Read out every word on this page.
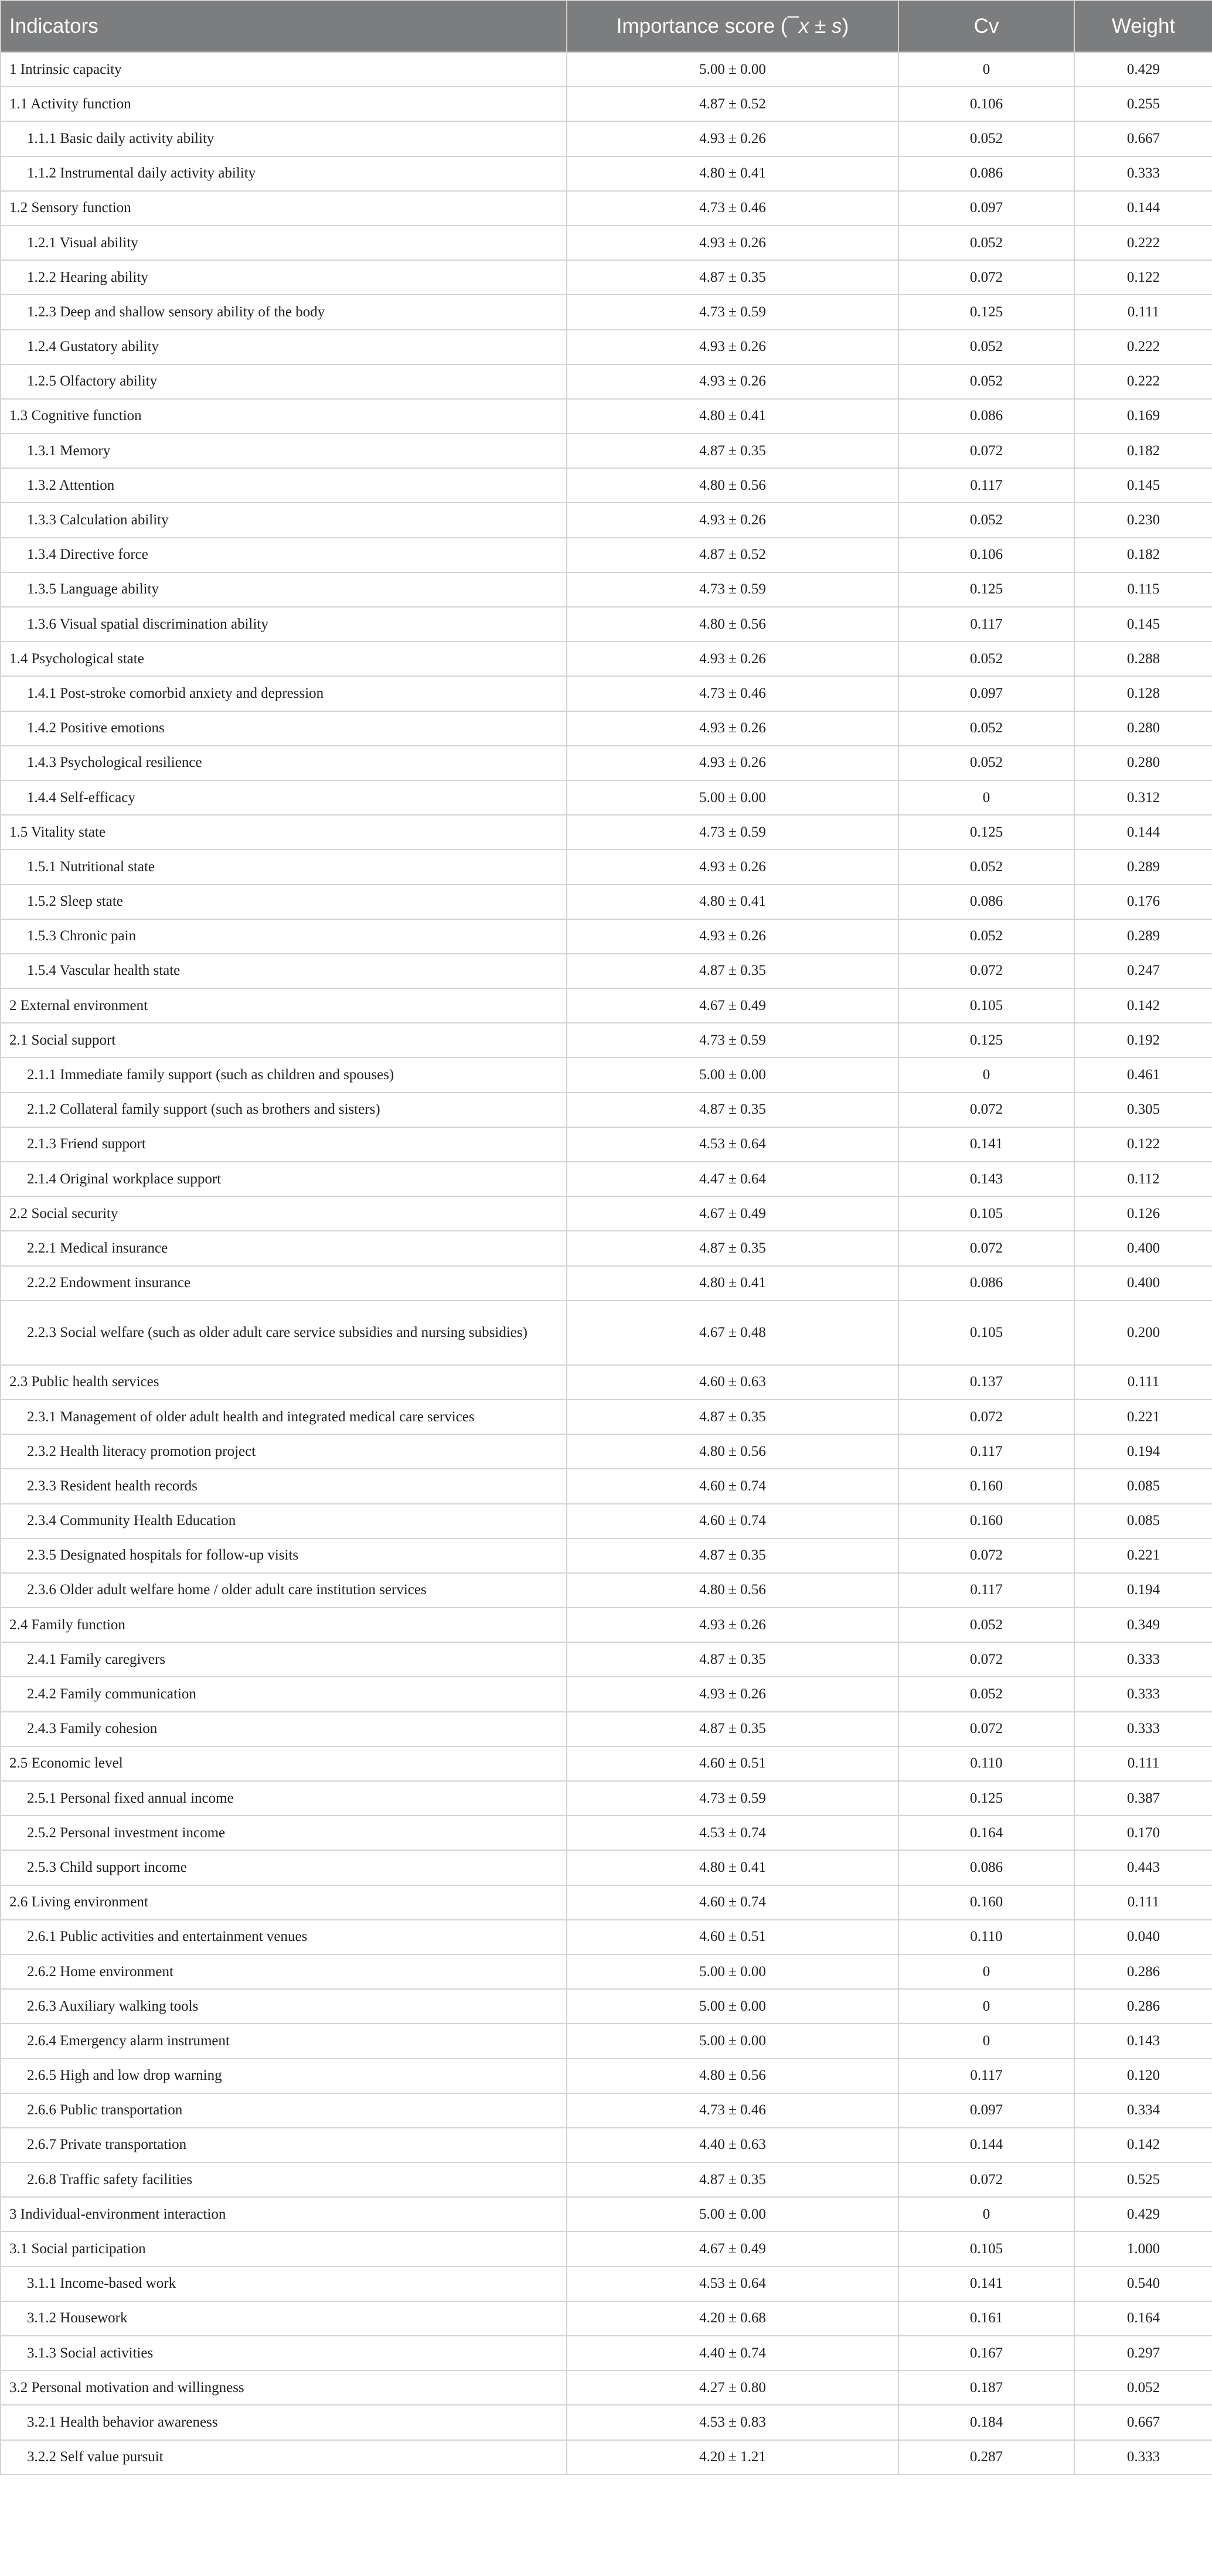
Indicators	Importance score (¯x ± s)	Cv	Weight
1 Intrinsic capacity	5.00 ± 0.00	0	0.429
1.1 Activity function	4.87 ± 0.52	0.106	0.255
1.1.1 Basic daily activity ability	4.93 ± 0.26	0.052	0.667
1.1.2 Instrumental daily activity ability	4.80 ± 0.41	0.086	0.333
1.2 Sensory function	4.73 ± 0.46	0.097	0.144
1.2.1 Visual ability	4.93 ± 0.26	0.052	0.222
1.2.2 Hearing ability	4.87 ± 0.35	0.072	0.122
1.2.3 Deep and shallow sensory ability of the body	4.73 ± 0.59	0.125	0.111
1.2.4 Gustatory ability	4.93 ± 0.26	0.052	0.222
1.2.5 Olfactory ability	4.93 ± 0.26	0.052	0.222
1.3 Cognitive function	4.80 ± 0.41	0.086	0.169
1.3.1 Memory	4.87 ± 0.35	0.072	0.182
1.3.2 Attention	4.80 ± 0.56	0.117	0.145
1.3.3 Calculation ability	4.93 ± 0.26	0.052	0.230
1.3.4 Directive force	4.87 ± 0.52	0.106	0.182
1.3.5 Language ability	4.73 ± 0.59	0.125	0.115
1.3.6 Visual spatial discrimination ability	4.80 ± 0.56	0.117	0.145
1.4 Psychological state	4.93 ± 0.26	0.052	0.288
1.4.1 Post-stroke comorbid anxiety and depression	4.73 ± 0.46	0.097	0.128
1.4.2 Positive emotions	4.93 ± 0.26	0.052	0.280
1.4.3 Psychological resilience	4.93 ± 0.26	0.052	0.280
1.4.4 Self-efficacy	5.00 ± 0.00	0	0.312
1.5 Vitality state	4.73 ± 0.59	0.125	0.144
1.5.1 Nutritional state	4.93 ± 0.26	0.052	0.289
1.5.2 Sleep state	4.80 ± 0.41	0.086	0.176
1.5.3 Chronic pain	4.93 ± 0.26	0.052	0.289
1.5.4 Vascular health state	4.87 ± 0.35	0.072	0.247
2 External environment	4.67 ± 0.49	0.105	0.142
2.1 Social support	4.73 ± 0.59	0.125	0.192
2.1.1 Immediate family support (such as children and spouses)	5.00 ± 0.00	0	0.461
2.1.2 Collateral family support (such as brothers and sisters)	4.87 ± 0.35	0.072	0.305
2.1.3 Friend support	4.53 ± 0.64	0.141	0.122
2.1.4 Original workplace support	4.47 ± 0.64	0.143	0.112
2.2 Social security	4.67 ± 0.49	0.105	0.126
2.2.1 Medical insurance	4.87 ± 0.35	0.072	0.400
2.2.2 Endowment insurance	4.80 ± 0.41	0.086	0.400
2.2.3 Social welfare (such as older adult care service subsidies and nursing subsidies)	4.67 ± 0.48	0.105	0.200
2.3 Public health services	4.60 ± 0.63	0.137	0.111
2.3.1 Management of older adult health and integrated medical care services	4.87 ± 0.35	0.072	0.221
2.3.2 Health literacy promotion project	4.80 ± 0.56	0.117	0.194
2.3.3 Resident health records	4.60 ± 0.74	0.160	0.085
2.3.4 Community Health Education	4.60 ± 0.74	0.160	0.085
2.3.5 Designated hospitals for follow-up visits	4.87 ± 0.35	0.072	0.221
2.3.6 Older adult welfare home / older adult care institution services	4.80 ± 0.56	0.117	0.194
2.4 Family function	4.93 ± 0.26	0.052	0.349
2.4.1 Family caregivers	4.87 ± 0.35	0.072	0.333
2.4.2 Family communication	4.93 ± 0.26	0.052	0.333
2.4.3 Family cohesion	4.87 ± 0.35	0.072	0.333
2.5 Economic level	4.60 ± 0.51	0.110	0.111
2.5.1 Personal fixed annual income	4.73 ± 0.59	0.125	0.387
2.5.2 Personal investment income	4.53 ± 0.74	0.164	0.170
2.5.3 Child support income	4.80 ± 0.41	0.086	0.443
2.6 Living environment	4.60 ± 0.74	0.160	0.111
2.6.1 Public activities and entertainment venues	4.60 ± 0.51	0.110	0.040
2.6.2 Home environment	5.00 ± 0.00	0	0.286
2.6.3 Auxiliary walking tools	5.00 ± 0.00	0	0.286
2.6.4 Emergency alarm instrument	5.00 ± 0.00	0	0.143
2.6.5 High and low drop warning	4.80 ± 0.56	0.117	0.120
2.6.6 Public transportation	4.73 ± 0.46	0.097	0.334
2.6.7 Private transportation	4.40 ± 0.63	0.144	0.142
2.6.8 Traffic safety facilities	4.87 ± 0.35	0.072	0.525
3 Individual-environment interaction	5.00 ± 0.00	0	0.429
3.1 Social participation	4.67 ± 0.49	0.105	1.000
3.1.1 Income-based work	4.53 ± 0.64	0.141	0.540
3.1.2 Housework	4.20 ± 0.68	0.161	0.164
3.1.3 Social activities	4.40 ± 0.74	0.167	0.297
3.2 Personal motivation and willingness	4.27 ± 0.80	0.187	0.052
3.2.1 Health behavior awareness	4.53 ± 0.83	0.184	0.667
3.2.2 Self value pursuit	4.20 ± 1.21	0.287	0.333
